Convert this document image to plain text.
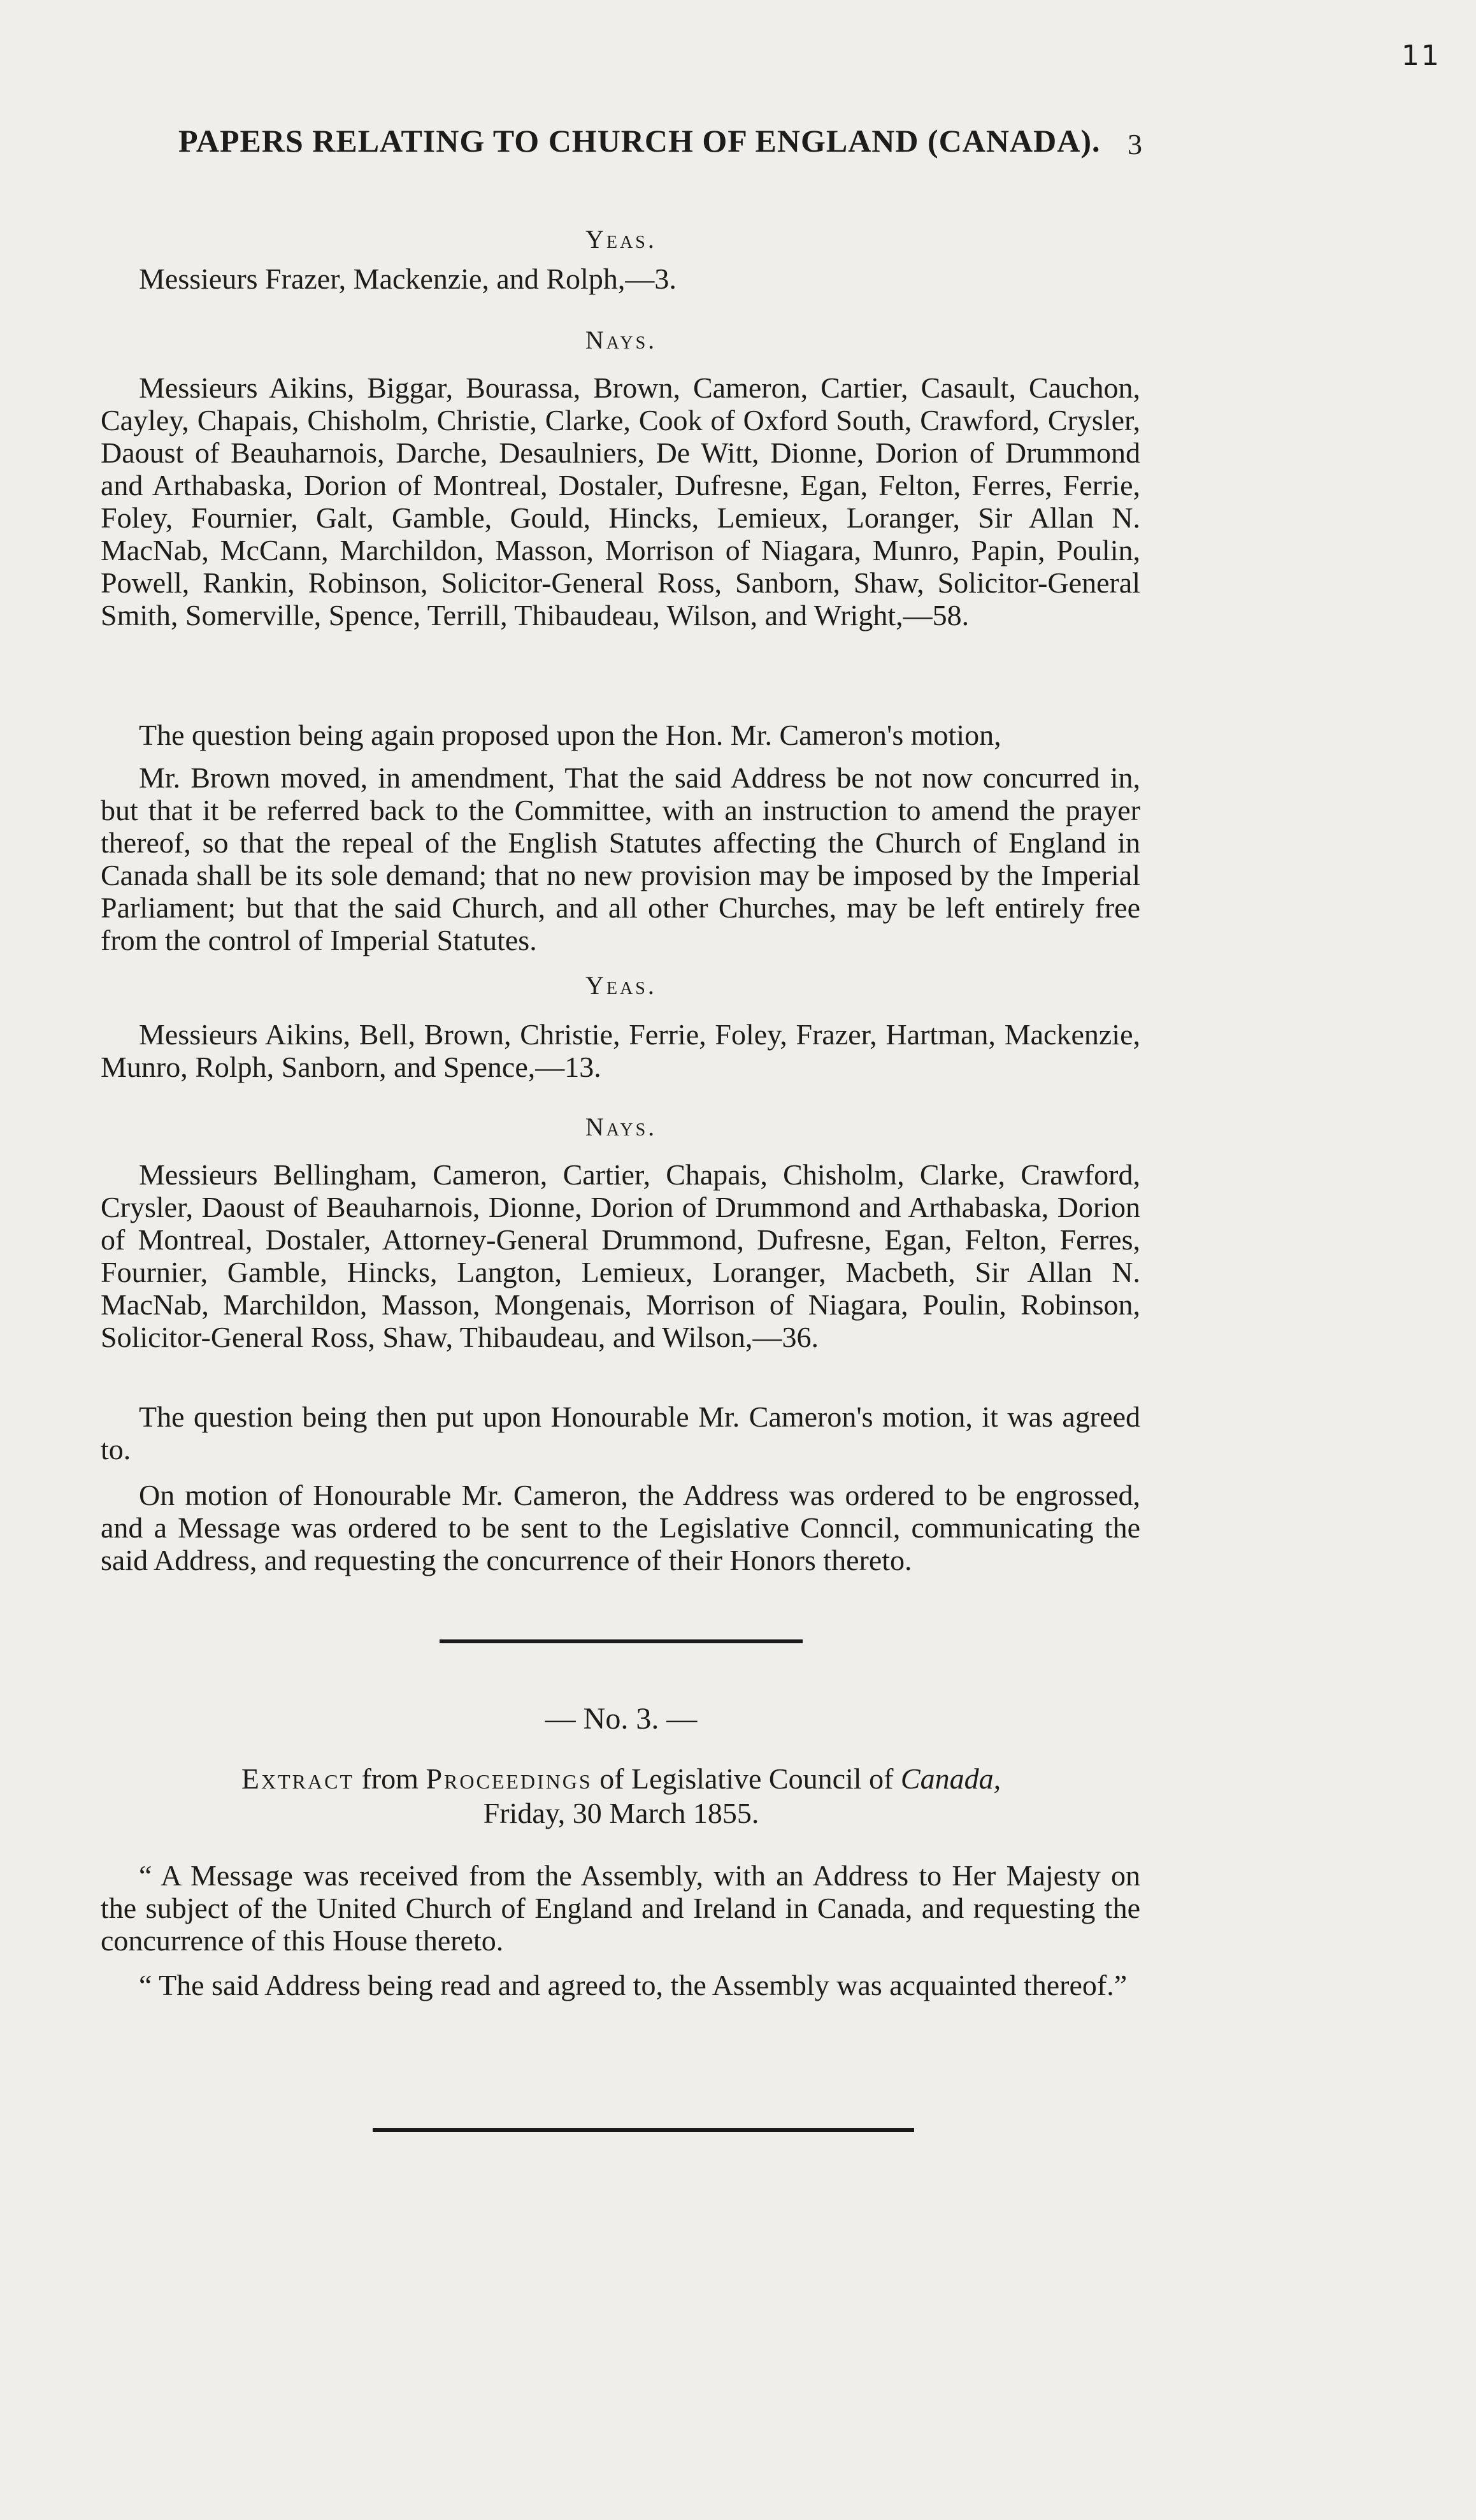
11
PAPERS RELATING TO CHURCH OF ENGLAND (CANADA). 3
Yeas.

Messieurs Frazer, Mackenzie, and Rolph,—3.

Nays.

Messieurs Aikins, Biggar, Bourassa, Brown, Cameron, Cartier, Casault, Cauchon, Cayley, Chapais, Chisholm, Christie, Clarke, Cook of Oxford South, Crawford, Crysler, Daoust of Beauharnois, Darche, Desaulniers, De Witt, Dionne, Dorion of Drummond and Arthabaska, Dorion of Montreal, Dostaler, Dufresne, Egan, Felton, Ferres, Ferrie, Foley, Fournier, Galt, Gamble, Gould, Hincks, Lemieux, Loranger, Sir Allan N. MacNab, McCann, Marchildon, Masson, Morrison of Niagara, Munro, Papin, Poulin, Powell, Rankin, Robinson, Solicitor-General Ross, Sanborn, Shaw, Solicitor-General Smith, Somerville, Spence, Terrill, Thibaudeau, Wilson, and Wright,—58.

The question being again proposed upon the Hon. Mr. Cameron's motion,

Mr. Brown moved, in amendment, That the said Address be not now concurred in, but that it be referred back to the Committee, with an instruction to amend the prayer thereof, so that the repeal of the English Statutes affecting the Church of England in Canada shall be its sole demand; that no new provision may be imposed by the Imperial Parliament; but that the said Church, and all other Churches, may be left entirely free from the control of Imperial Statutes.

Yeas.

Messieurs Aikins, Bell, Brown, Christie, Ferrie, Foley, Frazer, Hartman, Mackenzie, Munro, Rolph, Sanborn, and Spence,—13.

Nays.

Messieurs Bellingham, Cameron, Cartier, Chapais, Chisholm, Clarke, Crawford, Crysler, Daoust of Beauharnois, Dionne, Dorion of Drummond and Arthabaska, Dorion of Montreal, Dostaler, Attorney-General Drummond, Dufresne, Egan, Felton, Ferres, Fournier, Gamble, Hincks, Langton, Lemieux, Loranger, Macbeth, Sir Allan N. MacNab, Marchildon, Masson, Mongenais, Morrison of Niagara, Poulin, Robinson, Solicitor-General Ross, Shaw, Thibaudeau, and Wilson,—36.

The question being then put upon Honourable Mr. Cameron's motion, it was agreed to.

On motion of Honourable Mr. Cameron, the Address was ordered to be engrossed, and a Message was ordered to be sent to the Legislative Conncil, communicating the said Address, and requesting the concurrence of their Honors thereto.

— No. 3. —
Extract from Proceedings of Legislative Council of Canada,
Friday, 30 March 1855.

“ A Message was received from the Assembly, with an Address to Her Majesty on the subject of the United Church of England and Ireland in Canada, and requesting the concurrence of this House thereto.

“ The said Address being read and agreed to, the Assembly was acquainted thereof.”
